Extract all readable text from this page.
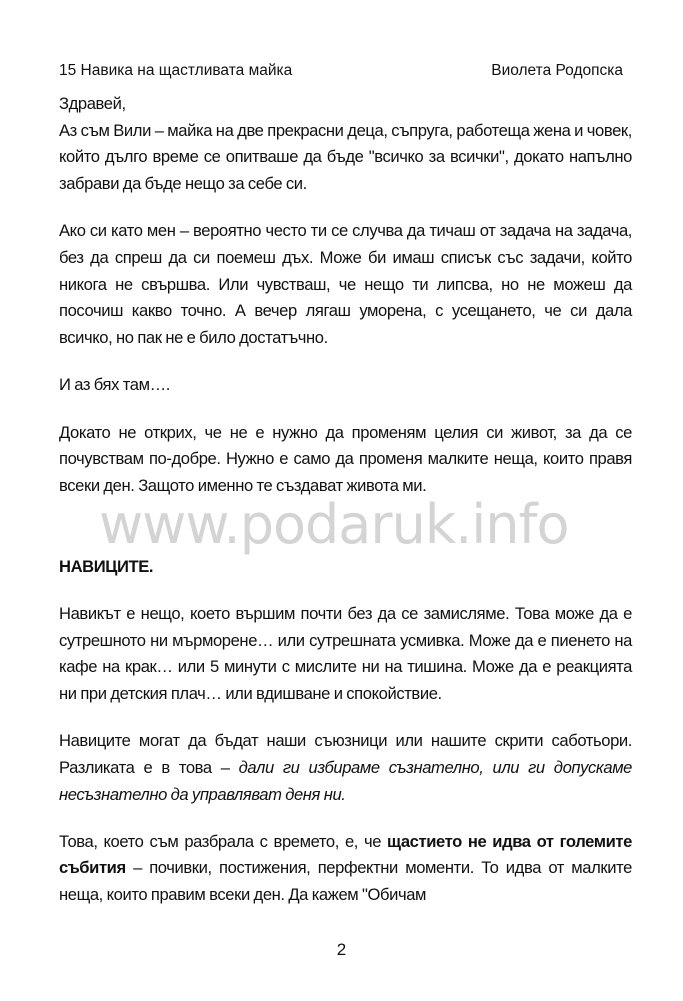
15 Навика на щастливата майка	Виолета Родопска

Здравей,

Аз съм Вили – майка на две прекрасни деца, съпруга, работеща жена и човек, който дълго време се опитваше да бъде "всичко за всички", докато напълно забрави да бъде нещо за себе си.

Ако си като мен – вероятно често ти се случва да тичаш от задача на задача, без да спреш да си поемеш дъх. Може би имаш списък със задачи, който никога не свършва. Или чувстваш, че нещо ти липсва, но не можеш да посочиш какво точно. А вечер лягаш уморена, с усещането, че си дала всичко, но пак не е било достатъчно.

И аз бях там….

Докато не открих, че не е нужно да променям целия си живот, за да се почувствам по-добре. Нужно е само да променя малките неща, които правя всеки ден. Защото именно те създават живота ми.

www.podaruk.info

НАВИЦИТЕ.

Навикът е нещо, което вършим почти без да се замисляме. Това може да е сутрешното ни мърморене… или сутрешната усмивка. Може да е пиенето на кафе на крак… или 5 минути с мислите ни на тишина. Може да е реакцията ни при детския плач… или вдишване и спокойствие.

Навиците могат да бъдат наши съюзници или нашите скрити саботьори. Разликата е в това – дали ги избираме съзнателно, или ги допускаме несъзнателно да управляват деня ни.

Това, което съм разбрала с времето, е, че щастието не идва от големите събития – почивки, постижения, перфектни моменти. То идва от малките неща, които правим всеки ден. Да кажем "Обичам

2
